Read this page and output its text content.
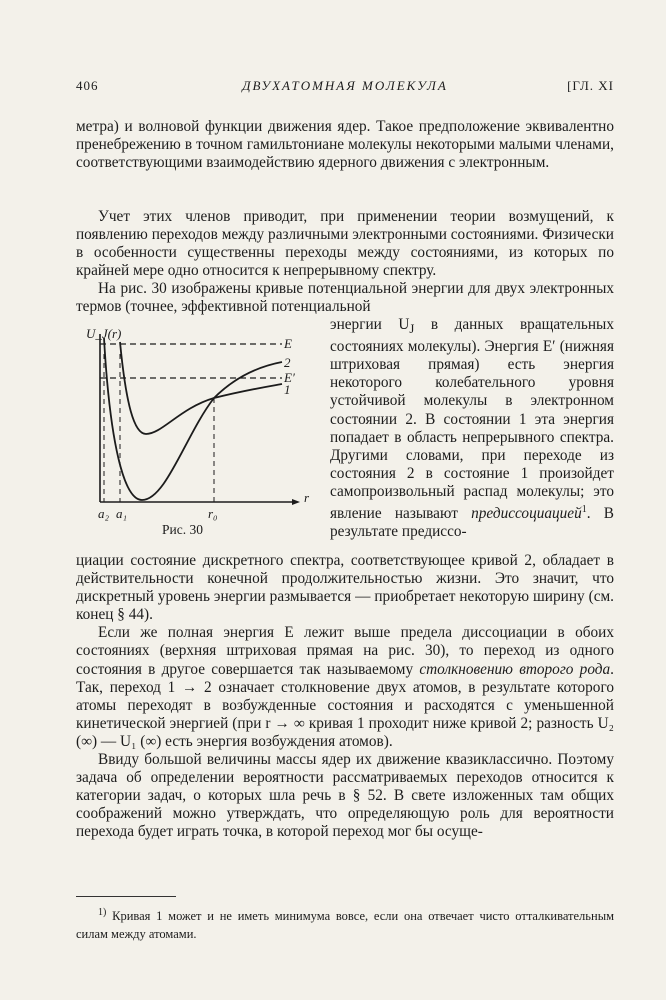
406	ДВУХАТОМНАЯ МОЛЕКУЛА	[ГЛ. XI

метра) и волновой функции движения ядер. Такое предположение эквивалентно пренебрежению в точном гамильтониане молекулы некоторыми малыми членами, соответствующими взаимодействию ядерного движения с электронным.

Учет этих членов приводит, при применении теории возмущений, к появлению переходов между различными электронными состояниями. Физически в особенности существенны переходы между состояниями, из которых по крайней мере одно относится к непрерывному спектру.

На рис. 30 изображены кривые потенциальной энергии для двух электронных термов (точнее, эффективной потенциальной

U_J(r)
r
E
2
E′
1
a₂ a₁	r₀
Рис. 30

энергии $U_J$ в данных вращательных состояниях молекулы). Энергия E′ (нижняя штриховая прямая) есть энергия некоторого колебательного уровня устойчивой молекулы в электронном состоянии 2. В состоянии 1 эта энергия попадает в область непрерывного спектра. Другими словами, при переходе из состояния 2 в состояние 1 произойдет самопроизвольный распад молекулы; это явление называют предиссоциацией$^1$. В результате предиссо-

циации состояние дискретного спектра, соответствующее кривой 2, обладает в действительности конечной продолжительностью жизни. Это значит, что дискретный уровень энергии размывается — приобретает некоторую ширину (см. конец § 44).

Если же полная энергия E лежит выше предела диссоциации в обоих состояниях (верхняя штриховая прямая на рис. 30), то переход из одного состояния в другое совершается так называемому столкновению второго рода. Так, переход 1 → 2 означает столкновение двух атомов, в результате которого атомы переходят в возбужденные состояния и расходятся с уменьшенной кинетической энергией (при r → ∞ кривая 1 проходит ниже кривой 2; разность U₂ (∞) — U₁ (∞) есть энергия возбуждения атомов).

Ввиду большой величины массы ядер их движение квазиклассично. Поэтому задача об определении вероятности рассматриваемых переходов относится к категории задач, о которых шла речь в § 52. В свете изложенных там общих соображений можно утверждать, что определяющую роль для вероятности перехода будет играть точка, в которой переход мог бы осуще-

$^{1)}$ Кривая 1 может и не иметь минимума вовсе, если она отвечает чисто отталкивательным силам между атомами.
